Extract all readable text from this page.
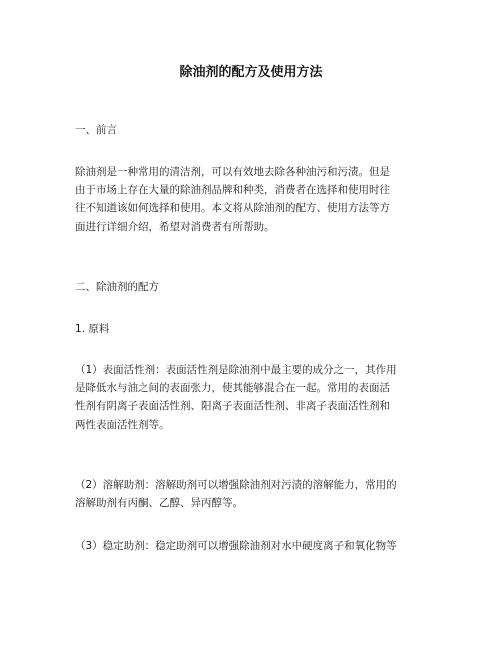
除油剂的配方及使用方法
一、前言
除油剂是一种常用的清洁剂，可以有效地去除各种油污和污渍。但是
由于市场上存在大量的除油剂品牌和种类，消费者在选择和使用时往
往不知道该如何选择和使用。本文将从除油剂的配方、使用方法等方
面进行详细介绍，希望对消费者有所帮助。
二、除油剂的配方
1. 原料
（1）表面活性剂：表面活性剂是除油剂中最主要的成分之一，其作用
是降低水与油之间的表面张力，使其能够混合在一起。常用的表面活
性剂有阴离子表面活性剂、阳离子表面活性剂、非离子表面活性剂和
两性表面活性剂等。
（2）溶解助剂：溶解助剂可以增强除油剂对污渍的溶解能力，常用的
溶解助剂有丙酮、乙醇、异丙醇等。
（3）稳定助剂：稳定助剂可以增强除油剂对水中硬度离子和氧化物等
